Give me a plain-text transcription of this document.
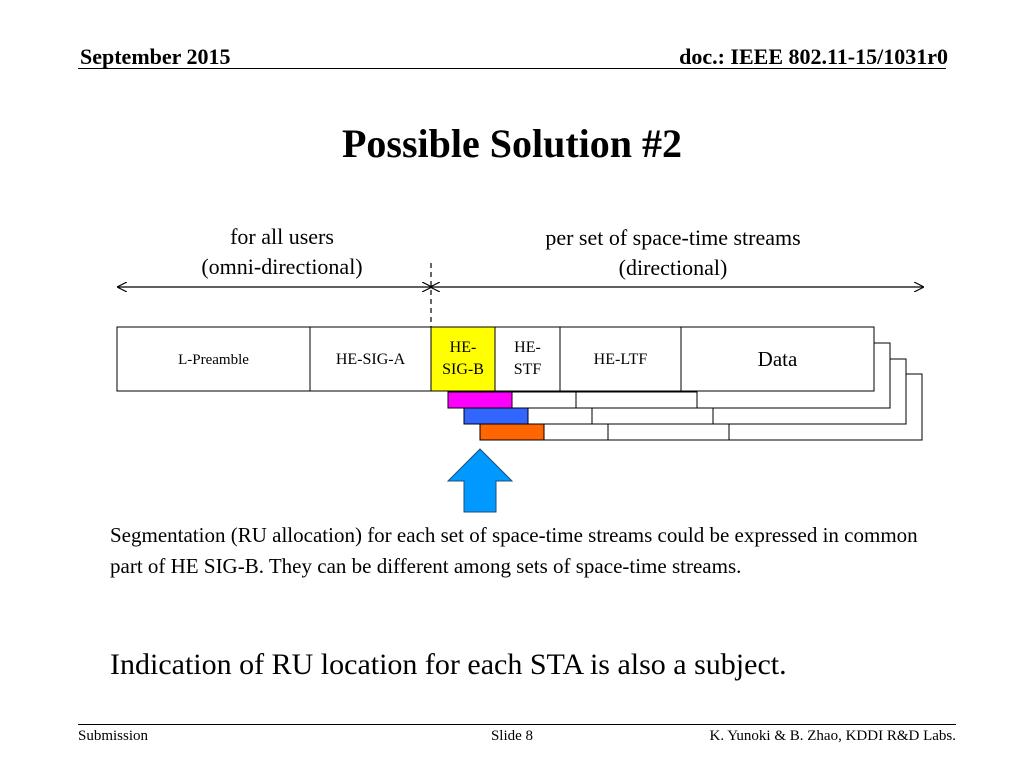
September 2015	doc.: IEEE 802.11-15/1031r0
Possible Solution #2
for all users
(omni-directional)
per set of space-time streams
(directional)
L-Preamble	HE-SIG-A
HE-
SIG-B
HE-
STF
HE-LTF	Data
Segmentation (RU allocation) for each set of space-time streams could be expressed in common part of HE SIG-B. They can be different among sets of space-time streams.
Indication of RU location for each STA is also a subject.
Submission	Slide 8	K. Yunoki & B. Zhao, KDDI R&D Labs.
